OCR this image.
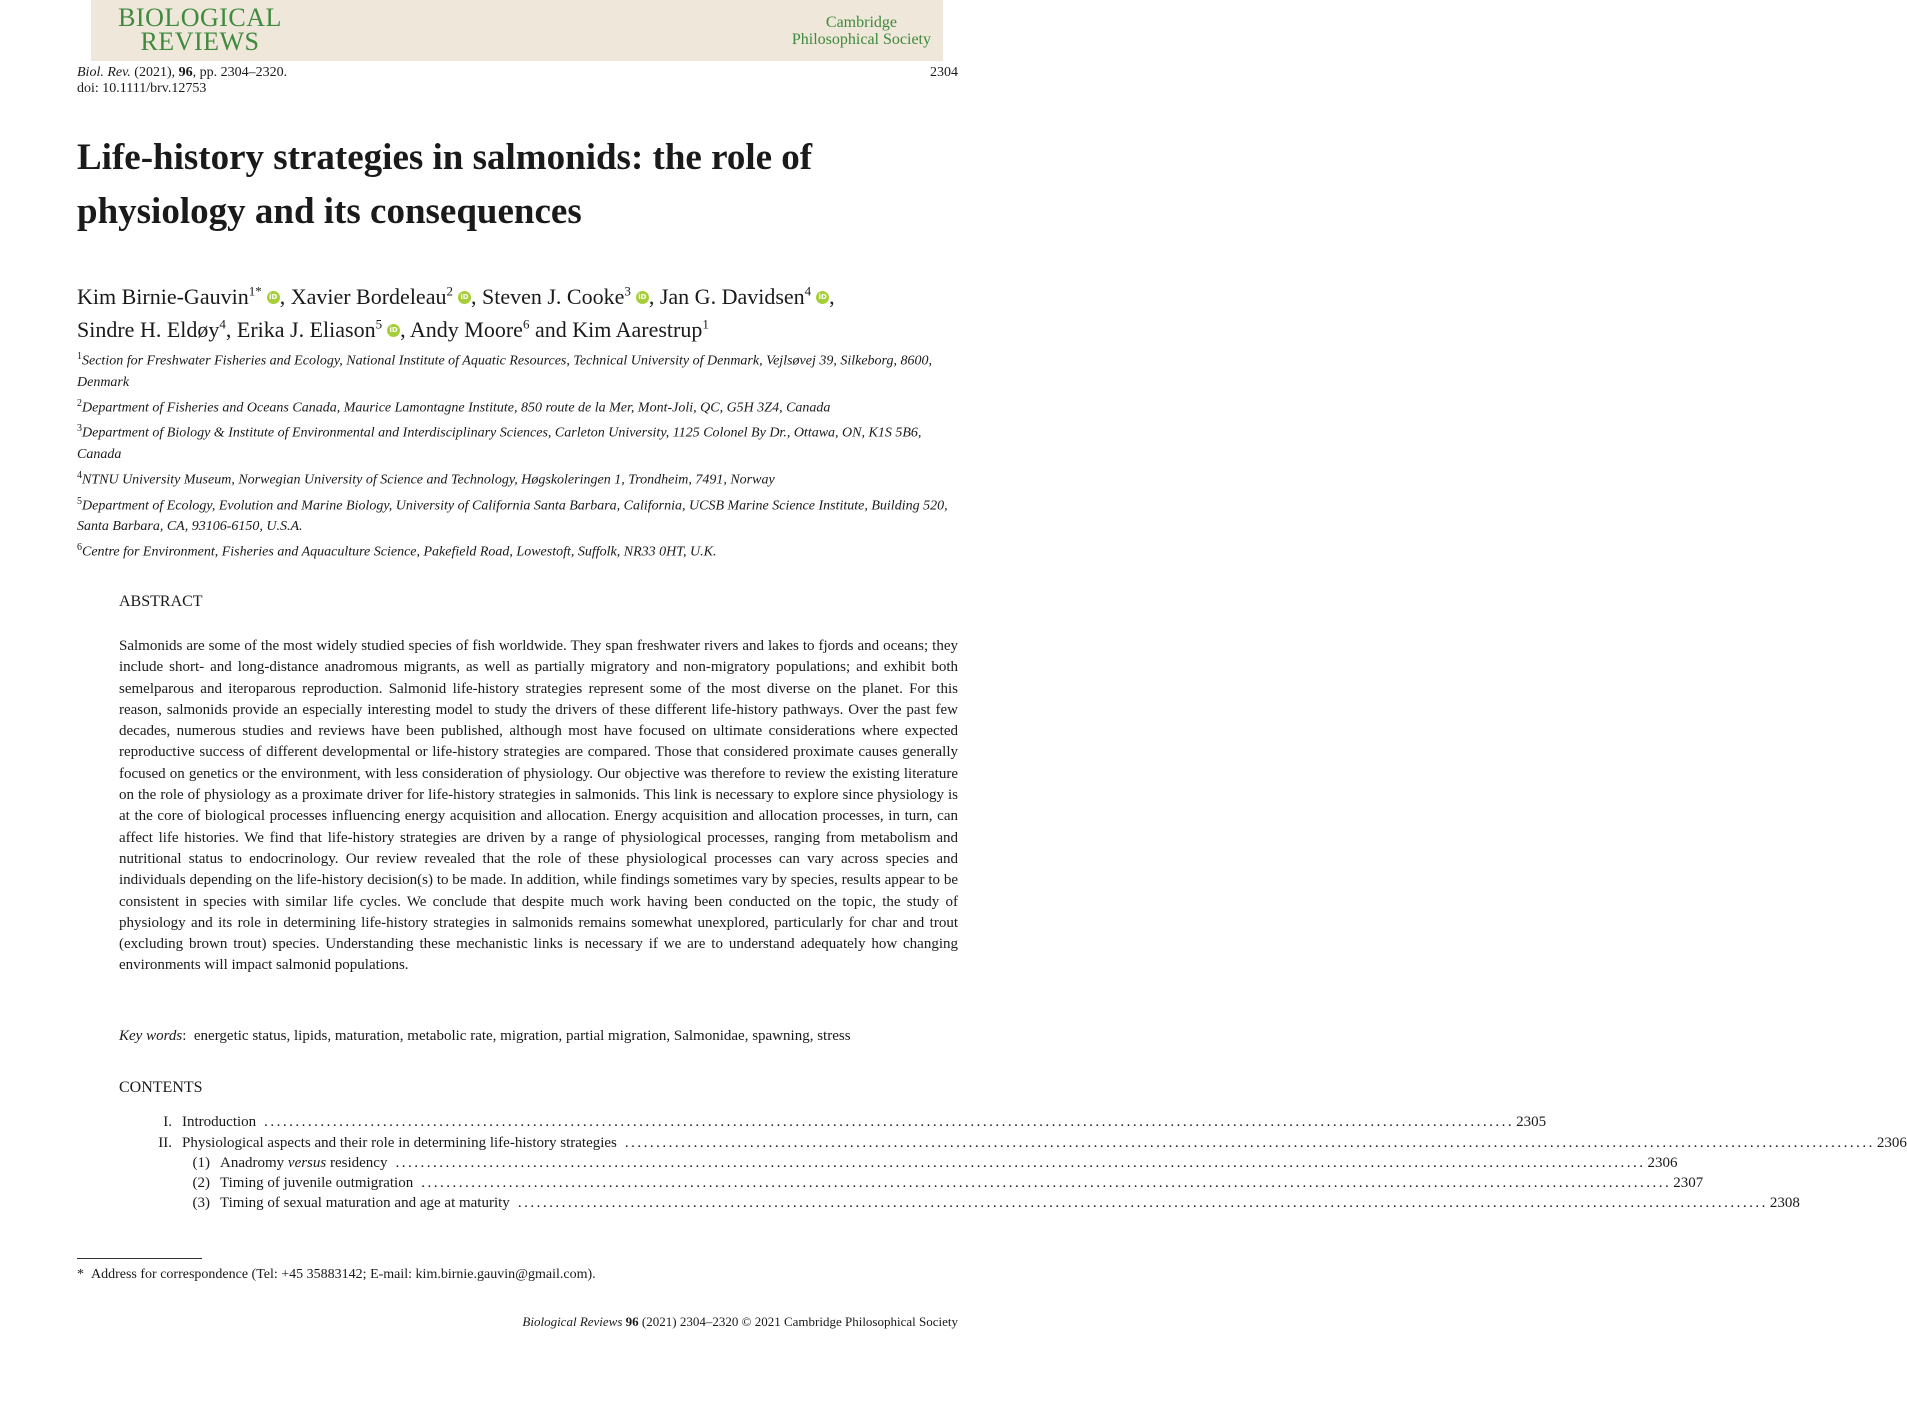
BIOLOGICAL
REVIEWS
Cambridge
Philosophical Society
Biol. Rev. (2021), 96, pp. 2304–2320.
doi: 10.1111/brv.12753
2304
Life-history strategies in salmonids: the role of
physiology and its consequences
Kim Birnie-Gauvin$^{1*}$ iD , Xavier Bordeleau$^2$ iD , Steven J. Cooke$^3$ iD , Jan G. Davidsen$^4$ iD ,
Sindre H. Eldøy$^4$, Erika J. Eliason$^5$ iD , Andy Moore$^6$ and Kim Aarestrup$^1$

$^1$Section for Freshwater Fisheries and Ecology, National Institute of Aquatic Resources, Technical University of Denmark, Vejlsøvej 39, Silkeborg, 8600, Denmark

$^2$Department of Fisheries and Oceans Canada, Maurice Lamontagne Institute, 850 route de la Mer, Mont-Joli, QC, G5H 3Z4, Canada

$^3$Department of Biology & Institute of Environmental and Interdisciplinary Sciences, Carleton University, 1125 Colonel By Dr., Ottawa, ON, K1S 5B6, Canada

$^4$NTNU University Museum, Norwegian University of Science and Technology, Høgskoleringen 1, Trondheim, 7491, Norway

$^5$Department of Ecology, Evolution and Marine Biology, University of California Santa Barbara, California, UCSB Marine Science Institute, Building 520, Santa Barbara, CA, 93106-6150, U.S.A.

$^6$Centre for Environment, Fisheries and Aquaculture Science, Pakefield Road, Lowestoft, Suffolk, NR33 0HT, U.K.

ABSTRACT
Salmonids are some of the most widely studied species of fish worldwide. They span freshwater rivers and lakes to fjords and oceans; they include short- and long-distance anadromous migrants, as well as partially migratory and non-migratory populations; and exhibit both semelparous and iteroparous reproduction. Salmonid life-history strategies represent some of the most diverse on the planet. For this reason, salmonids provide an especially interesting model to study the drivers of these different life-history pathways. Over the past few decades, numerous studies and reviews have been published, although most have focused on ultimate considerations where expected reproductive success of different developmental or life-history strategies are compared. Those that considered proximate causes generally focused on genetics or the environment, with less consideration of physiology. Our objective was therefore to review the existing literature on the role of physiology as a proximate driver for life-history strategies in salmonids. This link is necessary to explore since physiology is at the core of biological processes influencing energy acquisition and allocation. Energy acquisition and allocation processes, in turn, can affect life histories. We find that life-history strategies are driven by a range of physiological processes, ranging from metabolism and nutritional status to endocrinology. Our review revealed that the role of these physiological processes can vary across species and individuals depending on the life-history decision(s) to be made. In addition, while findings sometimes vary by species, results appear to be consistent in species with similar life cycles. We conclude that despite much work having been conducted on the topic, the study of physiology and its role in determining life-history strategies in salmonids remains somewhat unexplored, particularly for char and trout (excluding brown trout) species. Understanding these mechanistic links is necessary if we are to understand adequately how changing environments will impact salmonid populations.
Key words: energetic status, lipids, maturation, metabolic rate, migration, partial migration, Salmonidae, spawning, stress
CONTENTS
I. Introduction ........................................................................................................................................................................................................ 2305
II. Physiological aspects and their role in determining life-history strategies ........................................................................................................................................................................................................ 2306
(1) Anadromy versus residency ........................................................................................................................................................................................................ 2306
(2) Timing of juvenile outmigration ........................................................................................................................................................................................................ 2307
(3) Timing of sexual maturation and age at maturity ........................................................................................................................................................................................................ 2308
* Address for correspondence (Tel: +45 35883142; E-mail: kim.birnie.gauvin@gmail.com).
Biological Reviews 96 (2021) 2304–2320 © 2021 Cambridge Philosophical Society
